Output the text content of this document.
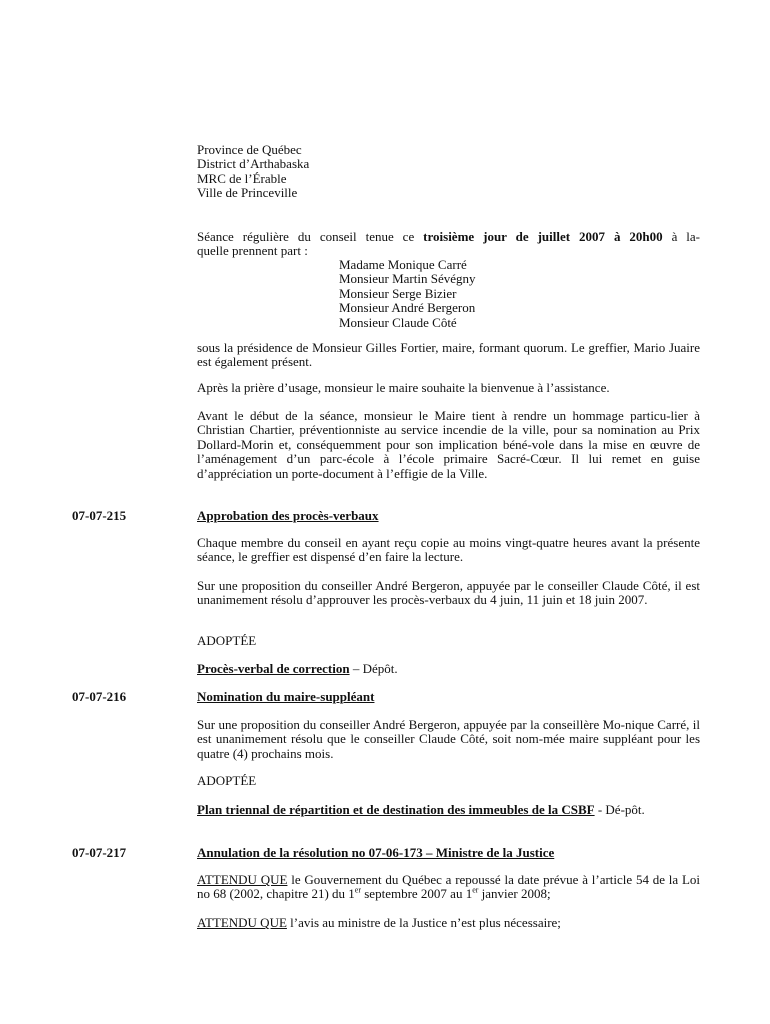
Province de Québec
District d’Arthabaska
MRC de l’Érable
Ville de Princeville
Séance régulière du conseil tenue ce troisième jour de juillet 2007 à 20h00 à la-
quelle prennent part :
Madame Monique Carré
Monsieur Martin Sévégny
Monsieur Serge Bizier
Monsieur André Bergeron
Monsieur Claude Côté

sous la présidence de Monsieur Gilles Fortier, maire, formant quorum. Le greffier, Mario Juaire est également présent.

Après la prière d’usage, monsieur le maire souhaite la bienvenue à l’assistance.

Avant le début de la séance, monsieur le Maire tient à rendre un hommage particu-lier à Christian Chartier, préventionniste au service incendie de la ville, pour sa nomination au Prix Dollard-Morin et, conséquemment pour son implication béné-vole dans la mise en œuvre de l’aménagement d’un parc-école à l’école primaire Sacré-Cœur. Il lui remet en guise d’appréciation un porte-document à l’effigie de la Ville.

07-07-215	Approbation des procès-verbaux

Chaque membre du conseil en ayant reçu copie au moins vingt-quatre heures avant la présente séance, le greffier est dispensé d’en faire la lecture.

Sur une proposition du conseiller André Bergeron, appuyée par le conseiller Claude Côté, il est unanimement résolu d’approuver les procès-verbaux du 4 juin, 11 juin et 18 juin 2007.

ADOPTÉE
Procès-verbal de correction – Dépôt.
07-07-216	Nomination du maire-suppléant

Sur une proposition du conseiller André Bergeron, appuyée par la conseillère Mo-nique Carré, il est unanimement résolu que le conseiller Claude Côté, soit nom-mée maire suppléant pour les quatre (4) prochains mois.

ADOPTÉE
Plan triennal de répartition et de destination des immeubles de la CSBF - Dé-pôt.
07-07-217	Annulation de la résolution no 07-06-173 – Ministre de la Justice

ATTENDU QUE le Gouvernement du Québec a repoussé la date prévue à l’article 54 de la Loi no 68 (2002, chapitre 21) du 1er septembre 2007 au 1er janvier 2008;

ATTENDU QUE l’avis au ministre de la Justice n’est plus nécessaire;
